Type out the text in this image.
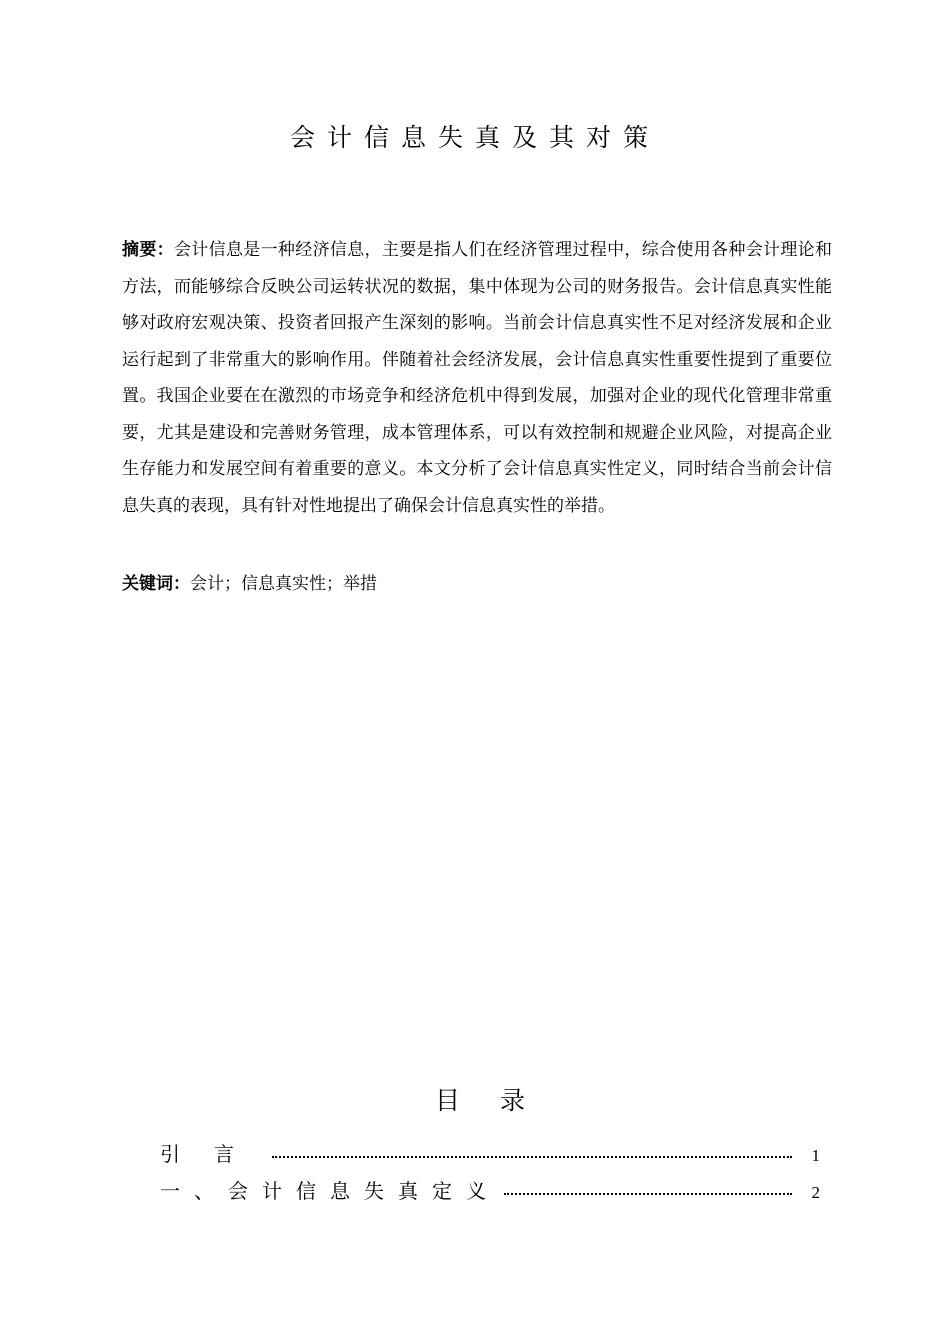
会计信息失真及其对策

摘要：会计信息是一种经济信息，主要是指人们在经济管理过程中，综合使用各种会计理论和方法，而能够综合反映公司运转状况的数据，集中体现为公司的财务报告。会计信息真实性能够对政府宏观决策、投资者回报产生深刻的影响。当前会计信息真实性不足对经济发展和企业运行起到了非常重大的影响作用。伴随着社会经济发展，会计信息真实性重要性提到了重要位置。我国企业要在在激烈的市场竞争和经济危机中得到发展，加强对企业的现代化管理非常重要，尤其是建设和完善财务管理，成本管理体系，可以有效控制和规避企业风险，对提高企业生存能力和发展空间有着重要的意义。本文分析了会计信息真实性定义，同时结合当前会计信息失真的表现，具有针对性地提出了确保会计信息真实性的举措。

关键词：会计；信息真实性；举措

目录
引言	1
一、会计信息失真定义	2
